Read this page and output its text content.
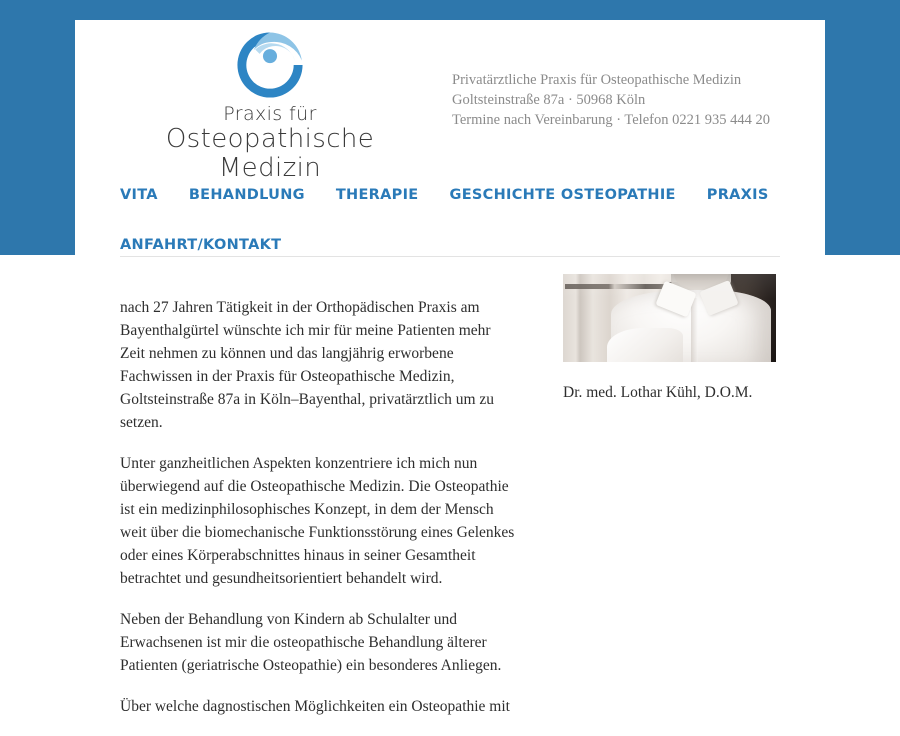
Praxis für
Osteopathische Medizin
Privatärztliche Praxis für Osteopathische Medizin
Goltsteinstraße 87a · 50968 Köln
Termine nach Vereinbarung · Telefon 0221 935 444 20
VITA BEHANDLUNG THERAPIE GESCHICHTE OSTEOPATHIE PRAXIS ANFAHRT/KONTAKT

nach 27 Jahren Tätigkeit in der Orthopädischen Praxis am Bayenthalgürtel wünschte ich mir für meine Patienten mehr Zeit nehmen zu können und das langjährig erworbene Fachwissen in der Praxis für Osteopathische Medizin, Goltsteinstraße 87a in Köln–Bayenthal, privatärztlich um zu setzen.

Unter ganzheitlichen Aspekten konzentriere ich mich nun überwiegend auf die Osteopathische Medizin. Die Osteopathie ist ein medizinphilosophisches Konzept, in dem der Mensch weit über die biomechanische Funktionsstörung eines Gelenkes oder eines Körperabschnittes hinaus in seiner Gesamtheit betrachtet und gesundheitsorientiert behandelt wird.

Neben der Behandlung von Kindern ab Schulalter und Erwachsenen ist mir die osteopathische Behandlung älterer Patienten (geriatrische Osteopathie) ein besonderes Anliegen.

Über welche dagnostischen Möglichkeiten ein Osteopathie mit

Dr. med. Lothar Kühl, D.O.M.
